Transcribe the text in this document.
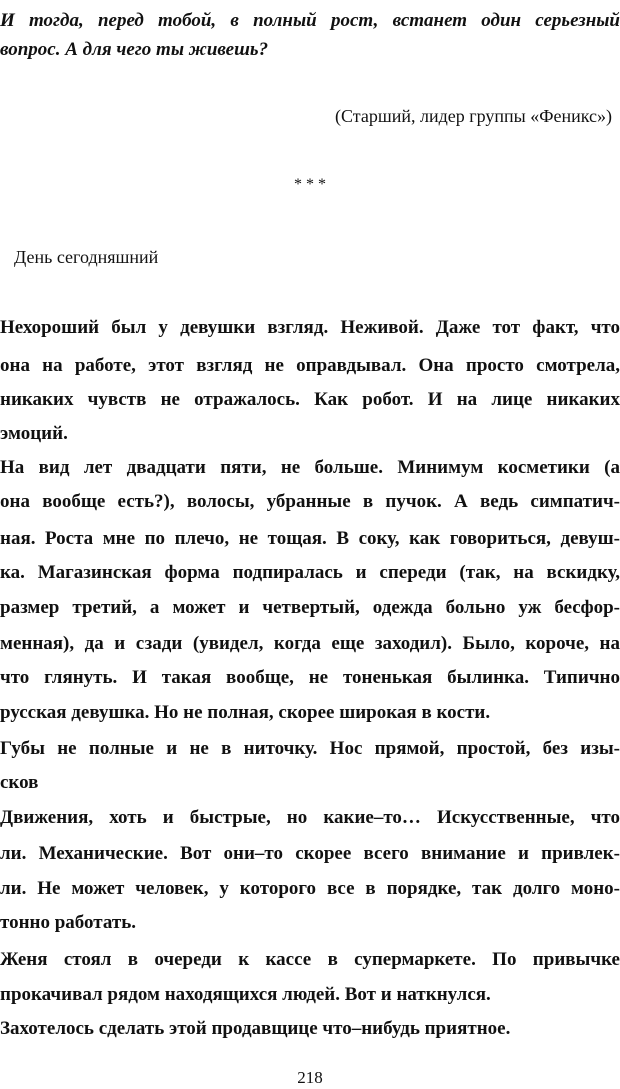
И тогда, перед тобой, в полный рост, встанет один серьезный
вопрос. А для чего ты живешь?
(Старший, лидер группы «Феникс»)
* * *
День сегодняшний
Нехороший был у девушки взгляд. Неживой. Даже тот факт, что
она на работе, этот взгляд не оправдывал. Она просто смотрела,
никаких чувств не отражалось. Как робот. И на лице никаких
эмоций.
На вид лет двадцати пяти, не больше. Минимум косметики (а
она вообще есть?), волосы, убранные в пучок. А ведь симпатич-
ная. Роста мне по плечо, не тощая. В соку, как говориться, девуш-
ка. Магазинская форма подпиралась и спереди (так, на вскидку,
размер третий, а может и четвертый, одежда больно уж бесфор-
менная), да и сзади (увидел, когда еще заходил). Было, короче, на
что глянуть. И такая вообще, не тоненькая былинка. Типично
русская девушка. Но не полная, скорее широкая в кости.
Губы не полные и не в ниточку. Нос прямой, простой, без изы-
сков
Движения, хоть и быстрые, но какие–то… Искусственные, что
ли. Механические. Вот они–то скорее всего внимание и привлек-
ли. Не может человек, у которого все в порядке, так долго моно-
тонно работать.
Женя стоял в очереди к кассе в супермаркете. По привычке
прокачивал рядом находящихся людей. Вот и наткнулся.
Захотелось сделать этой продавщице что–нибудь приятное.
218
